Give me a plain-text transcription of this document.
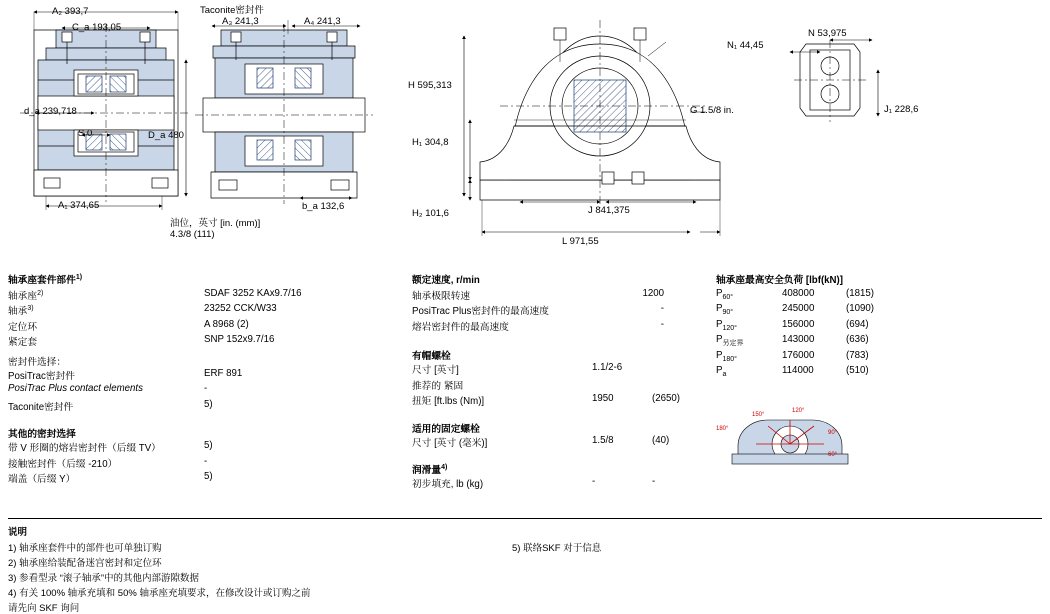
A₂ 393,7
C_a 193,05
d_a 239,718
S 0	D_a 480
A₁ 374,65
Taconite密封件
A₃ 241,3	A₄ 241,3
b_a 132,6
油位，英寸 [in. (mm)]
4.3/8 (111)
H 595,313
H₁ 304,8
H₂ 101,6	J 841,375
L 971,55
G 1.5/8 in.
N₁ 44,45
N 53,975
J₁ 228,6
轴承座套件部件$^{1)}$
轴承座$^{2)}$	SDAF 3252 KAx9.7/16
轴承$^{3)}$	23252 CCK/W33
定位环	A 8968 (2)
紧定套	SNP 152x9.7/16
密封件选择：
PosiTrac密封件	ERF 891
PosiTrac Plus contact elements	-
Taconite密封件	5)
其他的密封选择
带 V 形圈的熔岩密封件（后缀 TV）	5)
接触密封件（后缀 -210）	-
端盖（后缀 Y）	5)
额定速度, r/min
轴承极限转速	1200
PosiTrac Plus密封件的最高速度	-
熔岩密封件的最高速度	-
有帽螺栓
尺寸 [英寸]	1.1/2-6
推荐的 紧固
扭矩 [ft.lbs (Nm)]	1950	(2650)
适用的固定螺栓
尺寸 [英寸 (毫米)]	1.5/8	(40)
润滑量$^{4)}$
初步填充, lb (kg)	-	-
轴承座最高安全负荷 [lbf(kN)]
$P_{60^\circ}$	408000	(1815)
$P_{90^\circ}$	245000	(1090)
$P_{120^\circ}$	156000	(694)
$P_{另定界}$	143000	(636)
$P_{180^\circ}$	176000	(783)
$P_a$	114000	(510)
180°
150°
120°
90°
60°
说明
1) 轴承座套件中的部件也可单独订购
2) 轴承座给装配备迷宫密封和定位环
3) 参看型录 “滚子轴承”中的其他内部游隙数据
4) 有关 100% 轴承充填和 50% 轴承座充填要求，在修改设计或订购之前
请先向 SKF 询问
5) 联络SKF 对于信息
